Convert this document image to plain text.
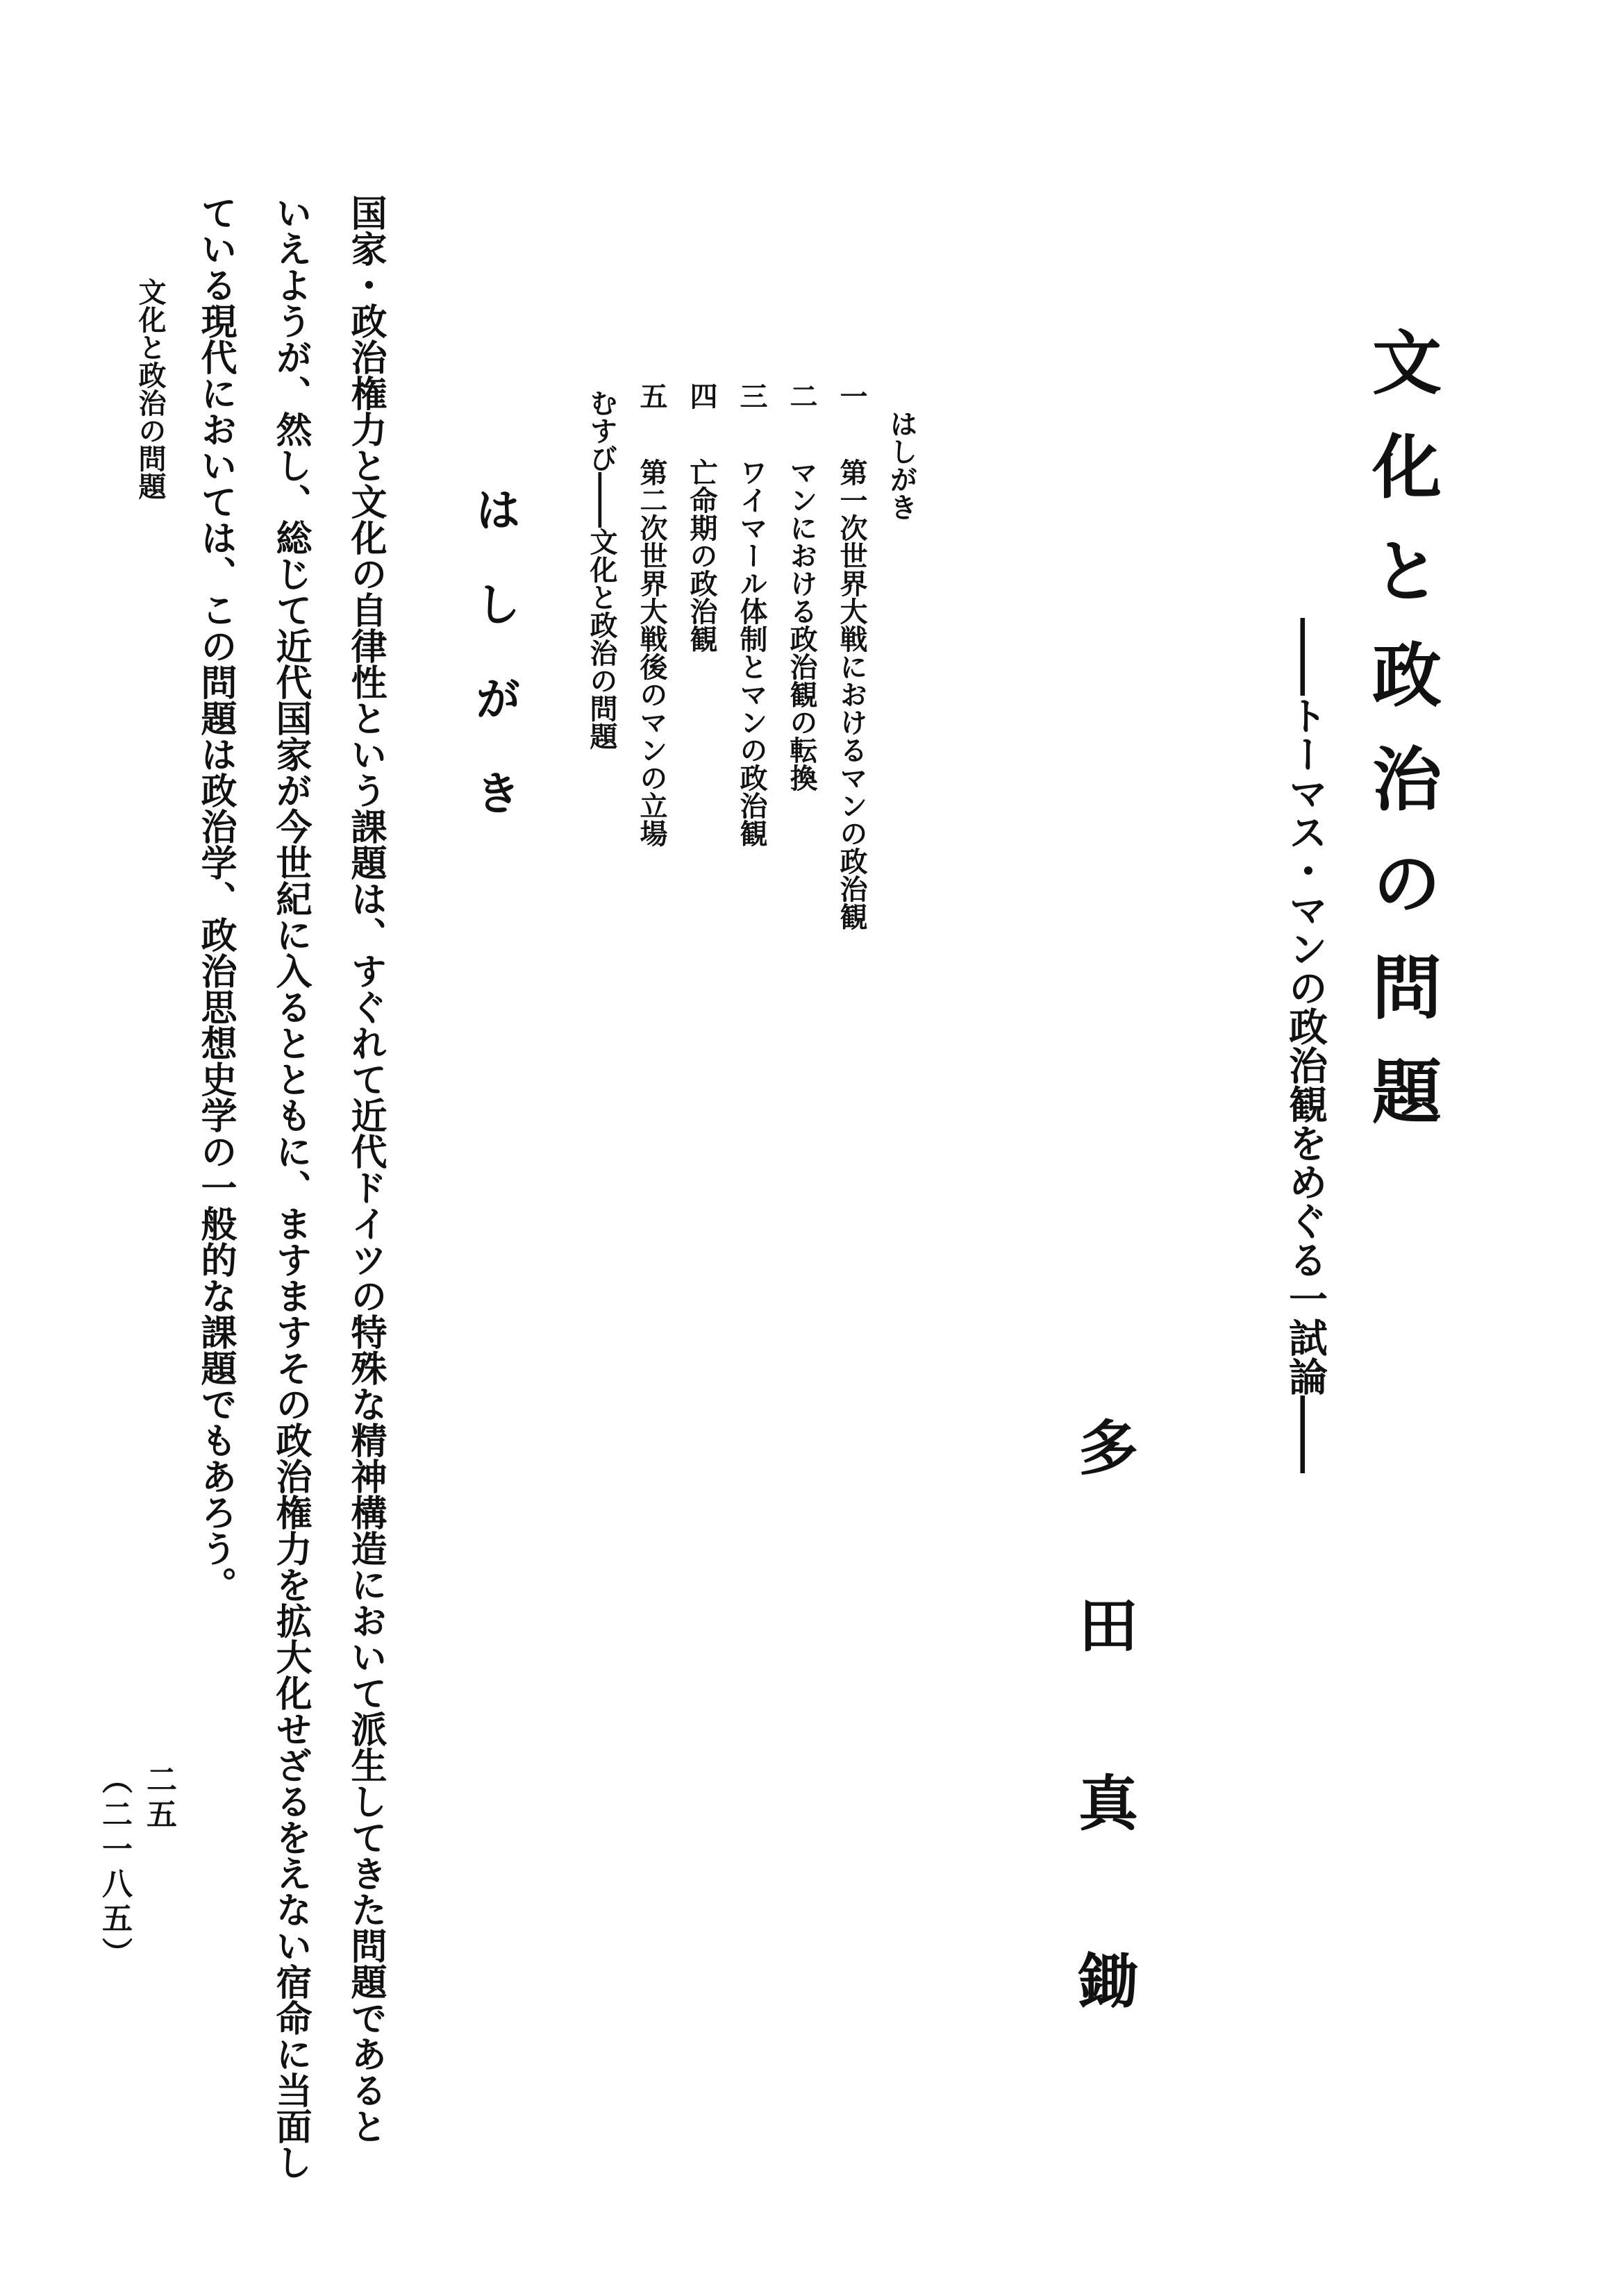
文化と政治の問題
――トーマス・マンの政治観をめぐる一試論――
多田真鋤
はしがき
一　第一次世界大戦におけるマンの政治観
二　マンにおける政治観の転換
三　ワイマール体制とマンの政治観
四　亡命期の政治観
五　第二次世界大戦後のマンの立場
むすび――文化と政治の問題
はしがき
国家・政治権力と文化の自律性という課題は、すぐれて近代ドイツの特殊な精神構造において派生してきた問題であると
いえようが、然し、総じて近代国家が今世紀に入るとともに、ますますその政治権力を拡大化せざるをえない宿命に当面し
ている現代においては、この問題は政治学、政治思想史学の一般的な課題でもあろう。
文化と政治の問題
二五
（二一八五）
